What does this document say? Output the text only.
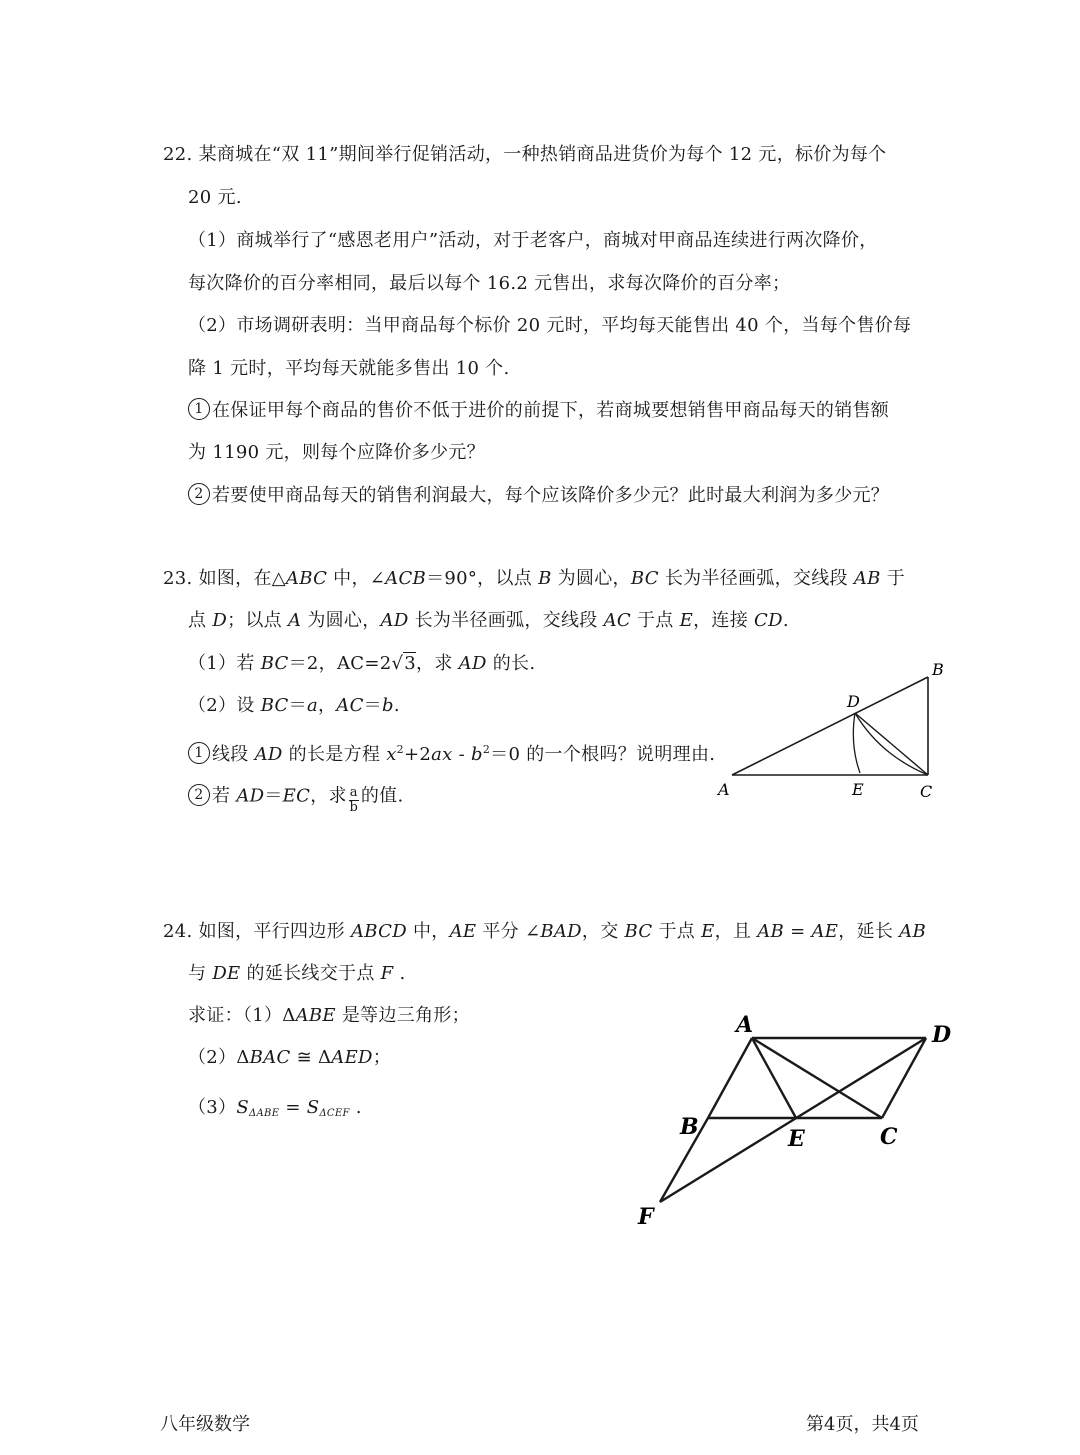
22. 某商城在“双 11”期间举行促销活动，一种热销商品进货价为每个 12 元，标价为每个
20 元.
（1）商城举行了“感恩老用户”活动，对于老客户，商城对甲商品连续进行两次降价，
每次降价的百分率相同，最后以每个 16.2 元售出，求每次降价的百分率；
（2）市场调研表明：当甲商品每个标价 20 元时，平均每天能售出 40 个，当每个售价每
降 1 元时，平均每天就能多售出 10 个.
1 在保证甲每个商品的售价不低于进价的前提下，若商城要想销售甲商品每天的销售额
为 1190 元，则每个应降价多少元？
2 若要使甲商品每天的销售利润最大，每个应该降价多少元？此时最大利润为多少元？
23. 如图，在△ABC 中，∠ACB＝90°，以点 B 为圆心，BC 长为半径画弧，交线段 AB 于
点 D；以点 A 为圆心，AD 长为半径画弧，交线段 AC 于点 E，连接 CD.
（1）若 BC＝2，AC=2√3，求 AD 的长.
（2）设 BC＝a，AC＝b.
1 线段 AD 的长是方程 $x^2+2ax - b^2=0$ 的一个根吗？说明理由.
2 若 AD＝EC，求 $\frac{a}{b}$ 的值.	A
B
C
D
E
24. 如图，平行四边形 ABCD 中，AE 平分 ∠BAD，交 BC 于点 E，且 AB = AE，延长 AB
与 DE 的延长线交于点 F .
求证：（1）ΔABE 是等边三角形；
（2）ΔBAC ≅ ΔAED；
$(3)S_{\Delta ABE} = S_{\Delta CEF}$ .
A	D
B	E	C
F
八年级数学	第4页，共4页
